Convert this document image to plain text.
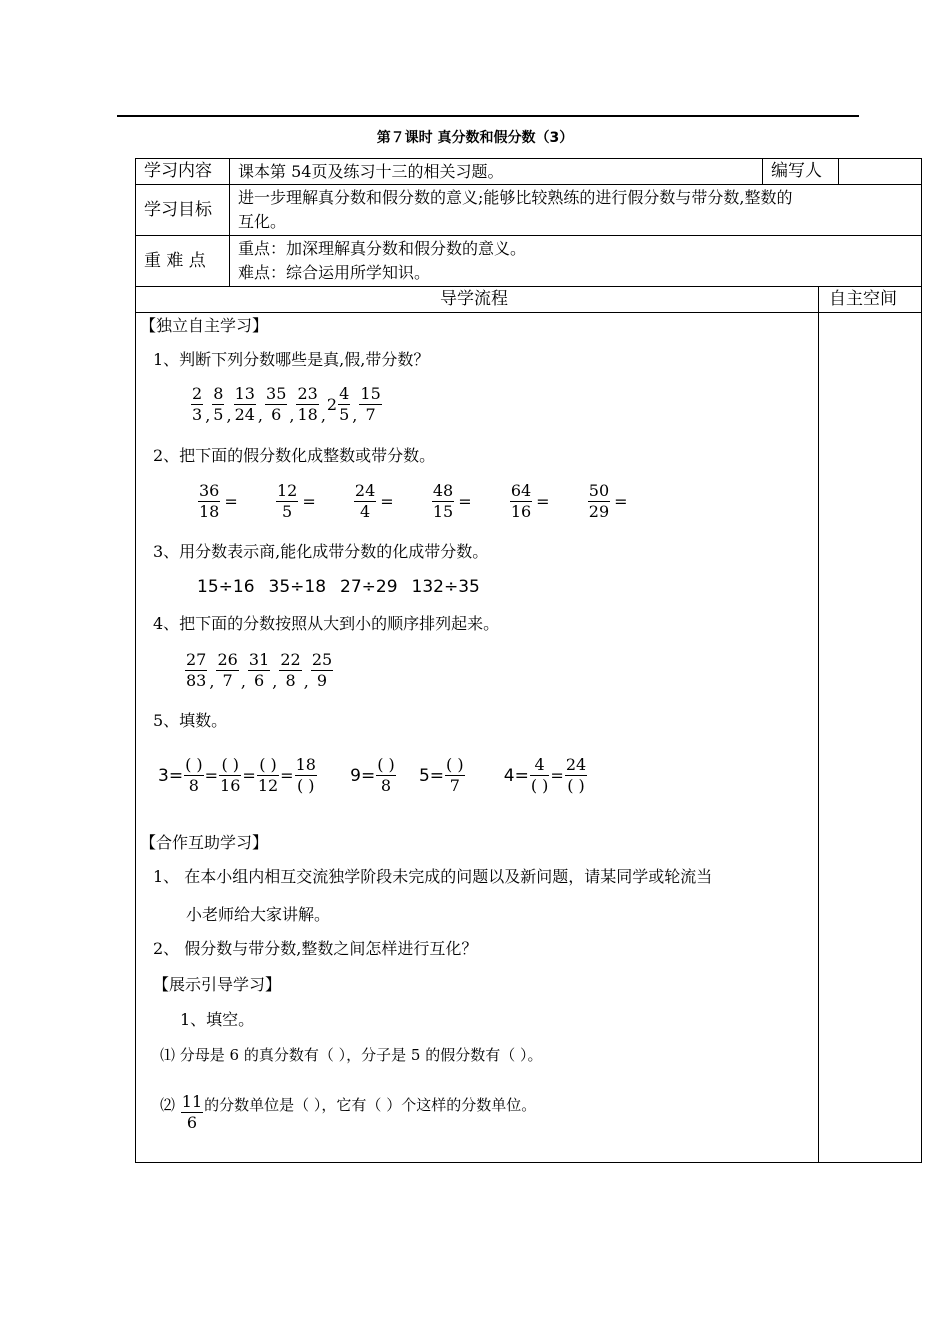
第７课时 真分数和假分数（3）
学习内容 课本第 54页及练习十三的相关习题。	编写人
学习目标
进一步理解真分数和假分数的意义;能够比较熟练的进行假分数与带分数,整数的
互化。
重 难 点
重点：加深理解真分数和假分数的意义。
难点：综合运用所学知识。
导学流程	自主空间
【独立自主学习】
1、判断下列分数哪些是真,假,带分数？
$\frac{2}{3}$ , $\frac{8}{5}$ , $\frac{13}{24}$ , $\frac{35}{6}$ , $\frac{23}{18} ,2 \frac{4}{5}$ , $\frac{15}{7}$
2、把下面的假分数化成整数或带分数。
$\frac{36}{18} = \frac{12}{5} = \frac{24}{4} = \frac{48}{15} = \frac{64}{16} = \frac{50}{29}$ =
3、用分数表示商,能化成带分数的化成带分数。
15÷16 35÷18 27÷29 132÷35
4、把下面的分数按照从大到小的顺序排列起来。
$\frac{27}{83}$ , $\frac{26}{7}$ , $\frac{31}{6}$ , $\frac{22}{8}$ , $\frac{25}{9}$
5、填数。
$3= \frac{( )}{8} = \frac{( )}{16} = \frac{( )}{12} = \frac{18}{( )} 9= \frac{( )}{8} 5= \frac{( )}{7} 4= \frac{4}{( )} = \frac{24}{( )}$
【合作互助学习】
1、 在本小组内相互交流独学阶段未完成的问题以及新问题，请某同学或轮流当
小老师给大家讲解。
2、 假分数与带分数,整数之间怎样进行互化？
【展示引导学习】
1、填空。
⑴ 分母是 6 的真分数有（ ），分子是 5 的假分数有（ ）。
⑵ $\frac{11}{6}$ 的分数单位是（ ），它有（ ）个这样的分数单位。
